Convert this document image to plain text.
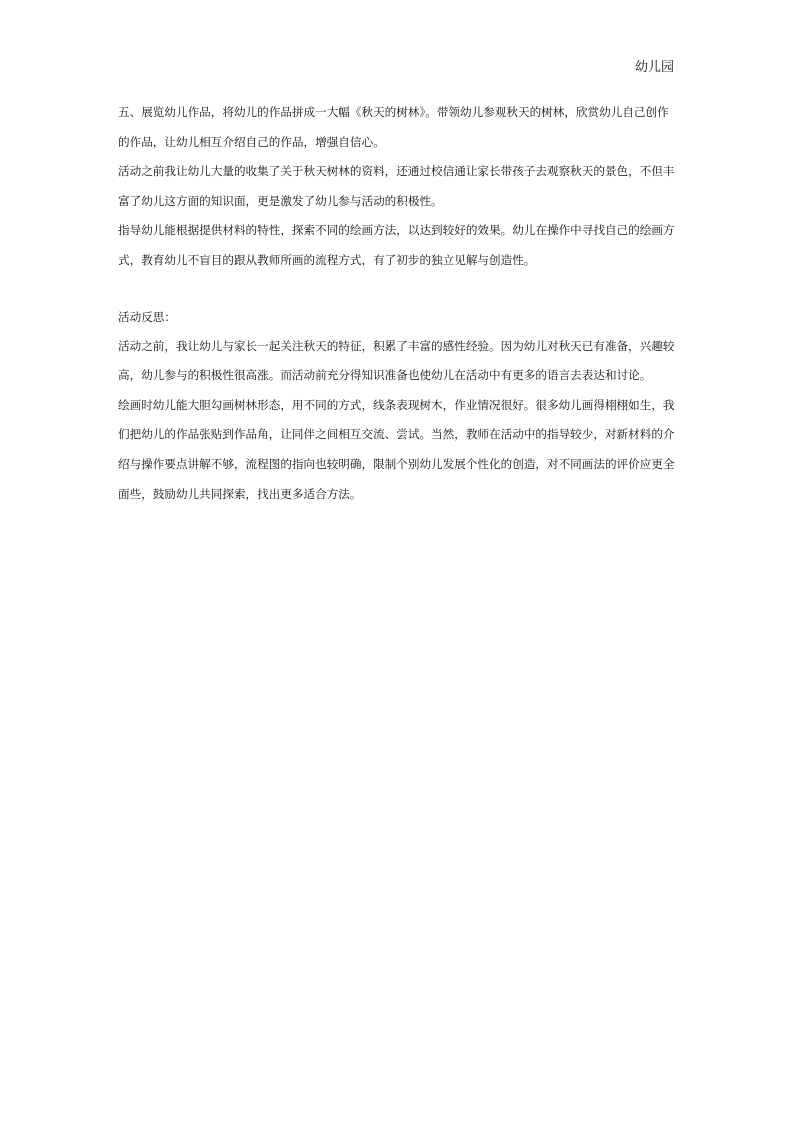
幼儿园

五、展览幼儿作品，将幼儿的作品拼成一大幅《秋天的树林》。带领幼儿参观秋天的树林，欣赏幼儿自己创作的作品，让幼儿相互介绍自己的作品，增强自信心。

活动之前我让幼儿大量的收集了关于秋天树林的资料，还通过校信通让家长带孩子去观察秋天的景色，不但丰富了幼儿这方面的知识面，更是激发了幼儿参与活动的积极性。

指导幼儿能根据提供材料的特性，探索不同的绘画方法，以达到较好的效果。幼儿在操作中寻找自己的绘画方式，教育幼儿不盲目的跟从教师所画的流程方式，有了初步的独立见解与创造性。

活动反思：

活动之前，我让幼儿与家长一起关注秋天的特征，积累了丰富的感性经验。因为幼儿对秋天已有准备，兴趣较高，幼儿参与的积极性很高涨。而活动前充分得知识准备也使幼儿在活动中有更多的语言去表达和讨论。

绘画时幼儿能大胆勾画树林形态，用不同的方式，线条表现树木，作业情况很好。很多幼儿画得栩栩如生，我们把幼儿的作品张贴到作品角，让同伴之间相互交流、尝试。当然，教师在活动中的指导较少，对新材料的介绍与操作要点讲解不够，流程图的指向也较明确，限制个别幼儿发展个性化的创造，对不同画法的评价应更全面些，鼓励幼儿共同探索，找出更多适合方法。
